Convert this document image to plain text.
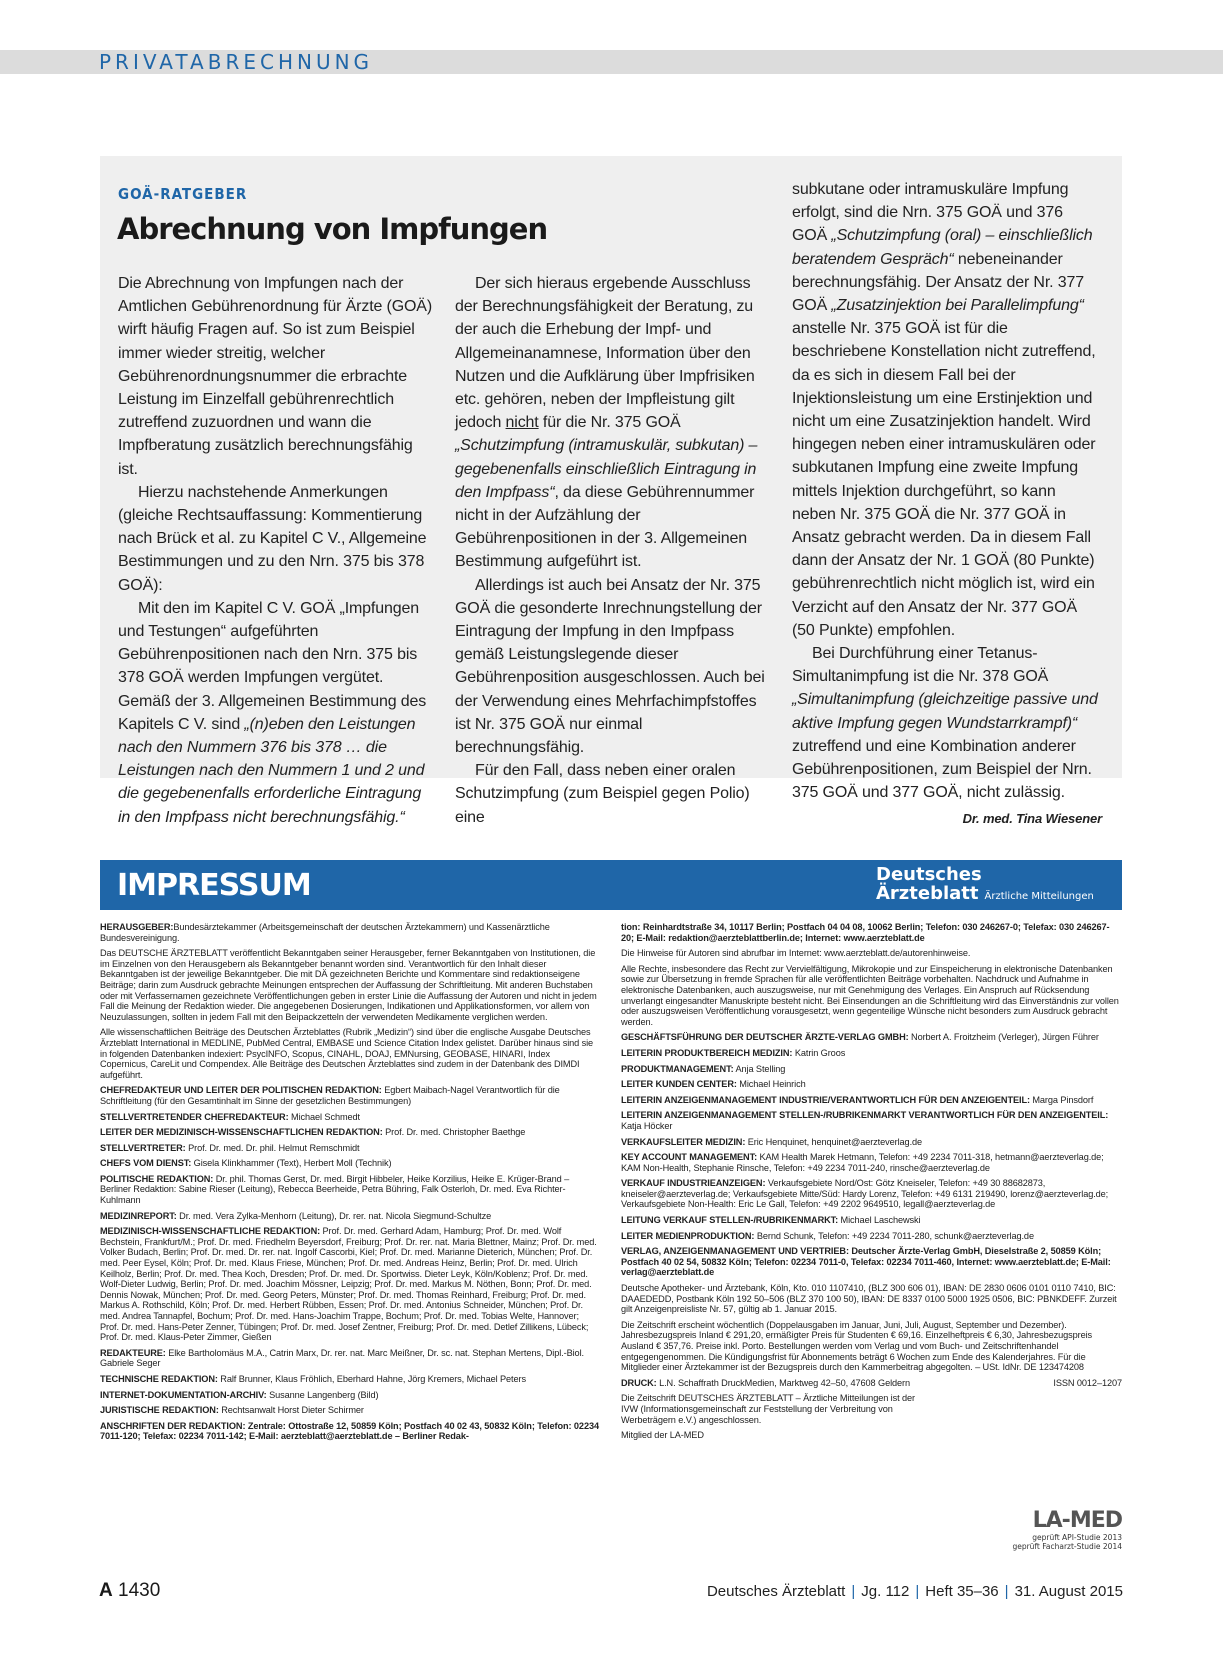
PRIVATABRECHNUNG
GOÄ-RATGEBER
Abrechnung von Impfungen

Die Abrechnung von Impfungen nach der Amtlichen Gebührenordnung für Ärzte (GOÄ) wirft häufig Fragen auf. So ist zum Beispiel immer wieder streitig, welcher Gebührenordnungsnummer die erbrachte Leistung im Einzelfall gebührenrechtlich zutreffend zuzuordnen und wann die Impfberatung zusätzlich berechnungsfähig ist.

Hierzu nachstehende Anmerkungen (gleiche Rechtsauffassung: Kommentierung nach Brück et al. zu Kapitel C V., Allgemeine Bestimmungen und zu den Nrn. 375 bis 378 GOÄ):

Mit den im Kapitel C V. GOÄ „Impfungen und Testungen“ aufgeführten Gebührenpositionen nach den Nrn. 375 bis 378 GOÄ werden Impfungen vergütet. Gemäß der 3. Allgemeinen Bestimmung des Kapitels C V. sind „(n)eben den Leistungen nach den Nummern 376 bis 378 … die Leistungen nach den Nummern 1 und 2 und die gegebenenfalls erforderliche Eintragung in den Impfpass nicht berechnungsfähig.“

Der sich hieraus ergebende Ausschluss der Berechnungsfähigkeit der Beratung, zu der auch die Erhebung der Impf- und Allgemeinanamnese, Information über den Nutzen und die Aufklärung über Impfrisiken etc. gehören, neben der Impfleistung gilt jedoch nicht für die Nr. 375 GOÄ „Schutzimpfung (intramuskulär, subkutan) – gegebenenfalls einschließlich Eintragung in den Impfpass“, da diese Gebührennummer nicht in der Aufzählung der Gebührenpositionen in der 3. Allgemeinen Bestimmung aufgeführt ist.

Allerdings ist auch bei Ansatz der Nr. 375 GOÄ die gesonderte Inrechnungstellung der Eintragung der Impfung in den Impfpass gemäß Leistungslegende dieser Gebührenposition ausgeschlossen. Auch bei der Verwendung eines Mehrfachimpfstoffes ist Nr. 375 GOÄ nur einmal berechnungsfähig.

Für den Fall, dass neben einer oralen Schutzimpfung (zum Beispiel gegen Polio) eine

subkutane oder intramuskuläre Impfung erfolgt, sind die Nrn. 375 GOÄ und 376 GOÄ „Schutzimpfung (oral) – einschließlich beratendem Gespräch“ nebeneinander berechnungsfähig. Der Ansatz der Nr. 377 GOÄ „Zusatzinjektion bei Parallelimpfung“ anstelle Nr. 375 GOÄ ist für die beschriebene Konstellation nicht zutreffend, da es sich in diesem Fall bei der Injektionsleistung um eine Erstinjektion und nicht um eine Zusatzinjektion handelt. Wird hingegen neben einer intramuskulären oder subkutanen Impfung eine zweite Impfung mittels Injektion durchgeführt, so kann neben Nr. 375 GOÄ die Nr. 377 GOÄ in Ansatz gebracht werden. Da in diesem Fall dann der Ansatz der Nr. 1 GOÄ (80 Punkte) gebührenrechtlich nicht möglich ist, wird ein Verzicht auf den Ansatz der Nr. 377 GOÄ (50 Punkte) empfohlen.

Bei Durchführung einer Tetanus-Simultanimpfung ist die Nr. 378 GOÄ „Simultanimpfung (gleichzeitige passive und aktive Impfung gegen Wundstarrkrampf)“ zutreffend und eine Kombination anderer Gebührenpositionen, zum Beispiel der Nrn. 375 GOÄ und 377 GOÄ, nicht zulässig.
Dr. med. Tina Wiesener

IMPRESSUM	Deutsches
Ärzteblatt Ärztliche Mitteilungen

HERAUSGEBER:Bundesärztekammer (Arbeitsgemeinschaft der deutschen Ärztekammern) und Kassenärztliche Bundesvereinigung.

Das DEUTSCHE ÄRZTEBLATT veröffentlicht Bekanntgaben seiner Herausgeber, ferner Bekanntgaben von Institutionen, die im Einzelnen von den Herausgebern als Bekanntgeber benannt worden sind. Verantwortlich für den Inhalt dieser Bekanntgaben ist der jeweilige Bekanntgeber. Die mit DÄ gezeichneten Berichte und Kommentare sind redaktionseigene Beiträge; darin zum Ausdruck gebrachte Meinungen entsprechen der Auffassung der Schriftleitung. Mit anderen Buchstaben oder mit Verfassernamen gezeichnete Veröffentlichungen geben in erster Linie die Auffassung der Autoren und nicht in jedem Fall die Meinung der Redaktion wieder. Die angegebenen Dosierungen, Indikationen und Applikationsformen, vor allem von Neuzulassungen, sollten in jedem Fall mit den Beipackzetteln der verwendeten Medikamente verglichen werden.

Alle wissenschaftlichen Beiträge des Deutschen Ärzteblattes (Rubrik „Medizin“) sind über die englische Ausgabe Deutsches Ärzteblatt International in MEDLINE, PubMed Central, EMBASE und Science Citation Index gelistet. Darüber hinaus sind sie in folgenden Datenbanken indexiert: PsycINFO, Scopus, CINAHL, DOAJ, EMNursing, GEOBASE, HINARI, Index Copernicus, CareLit und Compendex. Alle Beiträge des Deutschen Ärzteblattes sind zudem in der Datenbank des DIMDI aufgeführt.

CHEFREDAKTEUR UND LEITER DER POLITISCHEN REDAKTION: Egbert Maibach-Nagel Verantwortlich für die Schriftleitung (für den Gesamtinhalt im Sinne der gesetzlichen Bestimmungen)

STELLVERTRETENDER CHEFREDAKTEUR: Michael Schmedt

LEITER DER MEDIZINISCH-WISSENSCHAFTLICHEN REDAKTION: Prof. Dr. med. Christopher Baethge

STELLVERTRETER: Prof. Dr. med. Dr. phil. Helmut Remschmidt

CHEFS VOM DIENST: Gisela Klinkhammer (Text), Herbert Moll (Technik)

POLITISCHE REDAKTION: Dr. phil. Thomas Gerst, Dr. med. Birgit Hibbeler, Heike Korzilius, Heike E. Krüger-Brand – Berliner Redaktion: Sabine Rieser (Leitung), Rebecca Beerheide, Petra Bühring, Falk Osterloh, Dr. med. Eva Richter-Kuhlmann

MEDIZINREPORT: Dr. med. Vera Zylka-Menhorn (Leitung), Dr. rer. nat. Nicola Siegmund-Schultze

MEDIZINISCH-WISSENSCHAFTLICHE REDAKTION: Prof. Dr. med. Gerhard Adam, Hamburg; Prof. Dr. med. Wolf Bechstein, Frankfurt/M.; Prof. Dr. med. Friedhelm Beyersdorf, Freiburg; Prof. Dr. rer. nat. Maria Blettner, Mainz; Prof. Dr. med. Volker Budach, Berlin; Prof. Dr. med. Dr. rer. nat. Ingolf Cascorbi, Kiel; Prof. Dr. med. Marianne Dieterich, München; Prof. Dr. med. Peer Eysel, Köln; Prof. Dr. med. Klaus Friese, München; Prof. Dr. med. Andreas Heinz, Berlin; Prof. Dr. med. Ulrich Keilholz, Berlin; Prof. Dr. med. Thea Koch, Dresden; Prof. Dr. med. Dr. Sportwiss. Dieter Leyk, Köln/Koblenz; Prof. Dr. med. Wolf-Dieter Ludwig, Berlin; Prof. Dr. med. Joachim Mössner, Leipzig; Prof. Dr. med. Markus M. Nöthen, Bonn; Prof. Dr. med. Dennis Nowak, München; Prof. Dr. med. Georg Peters, Münster; Prof. Dr. med. Thomas Reinhard, Freiburg; Prof. Dr. med. Markus A. Rothschild, Köln; Prof. Dr. med. Herbert Rübben, Essen; Prof. Dr. med. Antonius Schneider, München; Prof. Dr. med. Andrea Tannapfel, Bochum; Prof. Dr. med. Hans-Joachim Trappe, Bochum; Prof. Dr. med. Tobias Welte, Hannover; Prof. Dr. med. Hans-Peter Zenner, Tübingen; Prof. Dr. med. Josef Zentner, Freiburg; Prof. Dr. med. Detlef Zillikens, Lübeck; Prof. Dr. med. Klaus-Peter Zimmer, Gießen

REDAKTEURE: Elke Bartholomäus M.A., Catrin Marx, Dr. rer. nat. Marc Meißner, Dr. sc. nat. Stephan Mertens, Dipl.-Biol. Gabriele Seger

TECHNISCHE REDAKTION: Ralf Brunner, Klaus Fröhlich, Eberhard Hahne, Jörg Kremers, Michael Peters

INTERNET-DOKUMENTATION-ARCHIV: Susanne Langenberg (Bild)

JURISTISCHE REDAKTION: Rechtsanwalt Horst Dieter Schirmer

ANSCHRIFTEN DER REDAKTION: Zentrale: Ottostraße 12, 50859 Köln; Postfach 40 02 43, 50832 Köln; Telefon: 02234 7011-120; Telefax: 02234 7011-142; E-Mail: aerzteblatt@aerzteblatt.de – Berliner Redak-

tion: Reinhardtstraße 34, 10117 Berlin; Postfach 04 04 08, 10062 Berlin; Telefon: 030 246267-0; Telefax: 030 246267-20; E-Mail: redaktion@aerzteblattberlin.de; Internet: www.aerzteblatt.de

Die Hinweise für Autoren sind abrufbar im Internet: www.aerzteblatt.de/autorenhinweise.

Alle Rechte, insbesondere das Recht zur Vervielfältigung, Mikrokopie und zur Einspeicherung in elektronische Datenbanken sowie zur Übersetzung in fremde Sprachen für alle veröffentlichten Beiträge vorbehalten. Nachdruck und Aufnahme in elektronische Datenbanken, auch auszugsweise, nur mit Genehmigung des Verlages. Ein Anspruch auf Rücksendung unverlangt eingesandter Manuskripte besteht nicht. Bei Einsendungen an die Schriftleitung wird das Einverständnis zur vollen oder auszugsweisen Veröffentlichung vorausgesetzt, wenn gegenteilige Wünsche nicht besonders zum Ausdruck gebracht werden.

GESCHÄFTSFÜHRUNG DER DEUTSCHER ÄRZTE-VERLAG GMBH: Norbert A. Froitzheim (Verleger), Jürgen Führer

LEITERIN PRODUKTBEREICH MEDIZIN: Katrin Groos

PRODUKTMANAGEMENT: Anja Stelling

LEITER KUNDEN CENTER: Michael Heinrich

LEITERIN ANZEIGENMANAGEMENT INDUSTRIE/VERANTWORTLICH FÜR DEN ANZEIGENTEIL: Marga Pinsdorf

LEITERIN ANZEIGENMANAGEMENT STELLEN-/RUBRIKENMARKT VERANTWORTLICH FÜR DEN ANZEIGENTEIL: Katja Höcker

VERKAUFSLEITER MEDIZIN: Eric Henquinet, henquinet@aerzteverlag.de

KEY ACCOUNT MANAGEMENT: KAM Health Marek Hetmann, Telefon: +49 2234 7011-318, hetmann@aerzteverlag.de; KAM Non-Health, Stephanie Rinsche, Telefon: +49 2234 7011-240, rinsche@aerzteverlag.de

VERKAUF INDUSTRIEANZEIGEN: Verkaufsgebiete Nord/Ost: Götz Kneiseler, Telefon: +49 30 88682873, kneiseler@aerzteverlag.de; Verkaufsgebiete Mitte/Süd: Hardy Lorenz, Telefon: +49 6131 219490, lorenz@aerzteverlag.de; Verkaufsgebiete Non-Health: Eric Le Gall, Telefon: +49 2202 9649510, legall@aerzteverlag.de

LEITUNG VERKAUF STELLEN-/RUBRIKENMARKT: Michael Laschewski

LEITER MEDIENPRODUKTION: Bernd Schunk, Telefon: +49 2234 7011-280, schunk@aerzteverlag.de

VERLAG, ANZEIGENMANAGEMENT UND VERTRIEB: Deutscher Ärzte-Verlag GmbH, Dieselstraße 2, 50859 Köln; Postfach 40 02 54, 50832 Köln; Telefon: 02234 7011-0, Telefax: 02234 7011-460, Internet: www.aerzteblatt.de; E-Mail: verlag@aerzteblatt.de

Deutsche Apotheker- und Ärztebank, Köln, Kto. 010 1107410, (BLZ 300 606 01), IBAN: DE 2830 0606 0101 0110 7410, BIC: DAAEDEDD, Postbank Köln 192 50–506 (BLZ 370 100 50), IBAN: DE 8337 0100 5000 1925 0506, BIC: PBNKDEFF. Zurzeit gilt Anzeigenpreisliste Nr. 57, gültig ab 1. Januar 2015.

Die Zeitschrift erscheint wöchentlich (Doppelausgaben im Januar, Juni, Juli, August, September und Dezember). Jahresbezugspreis Inland € 291,20, ermäßigter Preis für Studenten € 69,16. Einzelheftpreis € 6,30, Jahresbezugspreis Ausland € 357,76. Preise inkl. Porto. Bestellungen werden vom Verlag und vom Buch- und Zeitschriftenhandel entgegengenommen. Die Kündigungsfrist für Abonnements beträgt 6 Wochen zum Ende des Kalenderjahres. Für die Mitglieder einer Ärztekammer ist der Bezugspreis durch den Kammerbeitrag abgegolten. – USt. IdNr. DE 123474208

DRUCK: L.N. Schaffrath DruckMedien, Marktweg 42–50, 47608 Geldern	ISSN 0012–1207

Die Zeitschrift DEUTSCHES ÄRZTEBLATT – Ärztliche Mitteilungen ist der IVW (Informationsgemeinschaft zur Feststellung der Verbreitung von Werbeträgern e.V.) angeschlossen.

Mitglied der LA-MED

LA-MED
geprüft API-Studie 2013
geprüft Facharzt-Studie 2014
A 1430	Deutsches Ärzteblatt | Jg. 112 | Heft 35–36 | 31. August 2015
